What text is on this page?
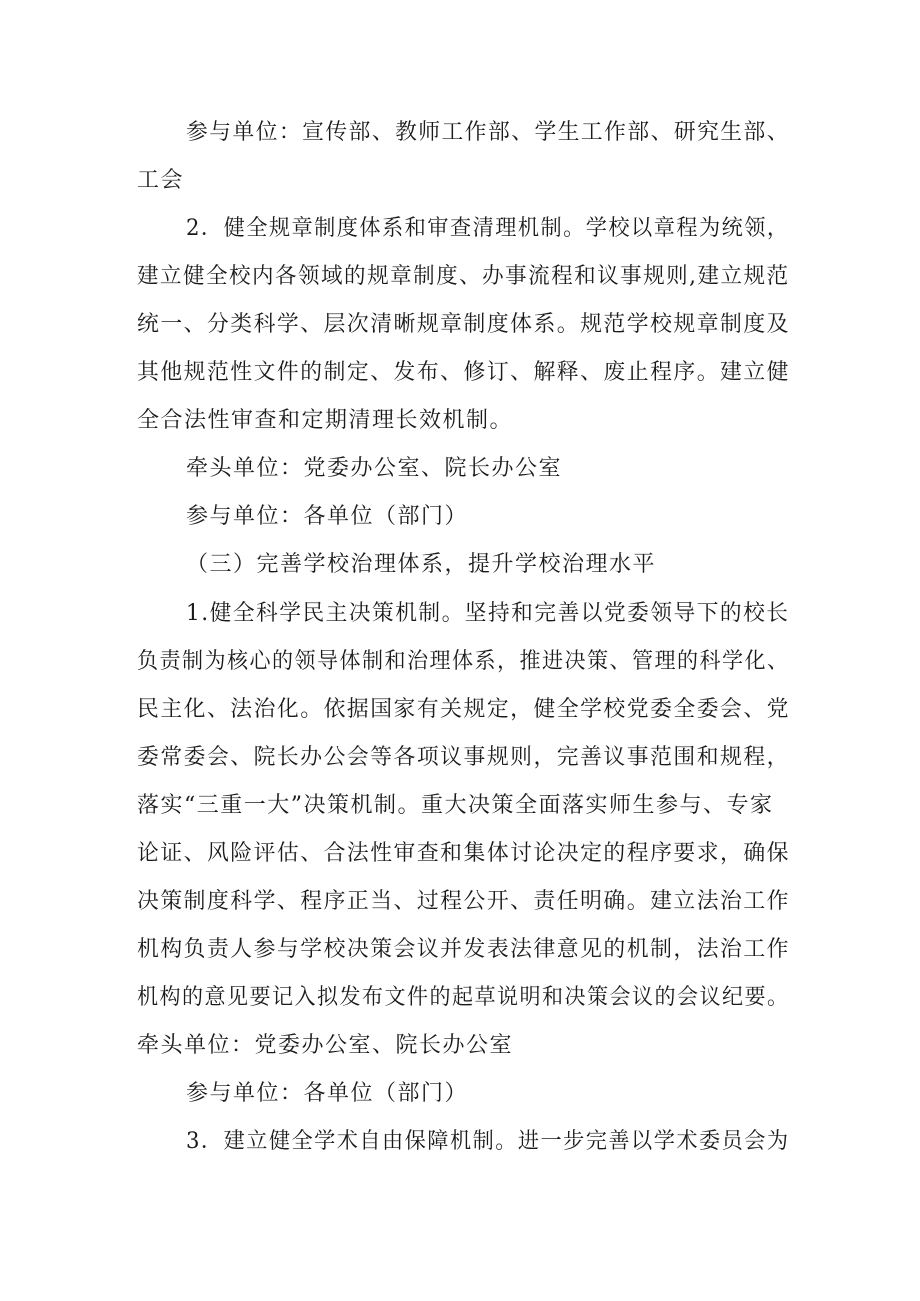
参与单位：宣传部、教师工作部、学生工作部、研究生部、
工会
2．健全规章制度体系和审查清理机制。学校以章程为统领，
建立健全校内各领域的规章制度、办事流程和议事规则,建立规范
统一、分类科学、层次清晰规章制度体系。规范学校规章制度及
其他规范性文件的制定、发布、修订、解释、废止程序。建立健
全合法性审查和定期清理长效机制。
牵头单位：党委办公室、院长办公室
参与单位：各单位（部门）
（三）完善学校治理体系，提升学校治理水平
1.健全科学民主决策机制。坚持和完善以党委领导下的校长
负责制为核心的领导体制和治理体系，推进决策、管理的科学化、
民主化、法治化。依据国家有关规定，健全学校党委全委会、党
委常委会、院长办公会等各项议事规则，完善议事范围和规程，
落实“三重一大”决策机制。重大决策全面落实师生参与、专家
论证、风险评估、合法性审查和集体讨论决定的程序要求，确保
决策制度科学、程序正当、过程公开、责任明确。建立法治工作
机构负责人参与学校决策会议并发表法律意见的机制，法治工作
机构的意见要记入拟发布文件的起草说明和决策会议的会议纪要。
牵头单位：党委办公室、院长办公室
参与单位：各单位（部门）
3．建立健全学术自由保障机制。进一步完善以学术委员会为
